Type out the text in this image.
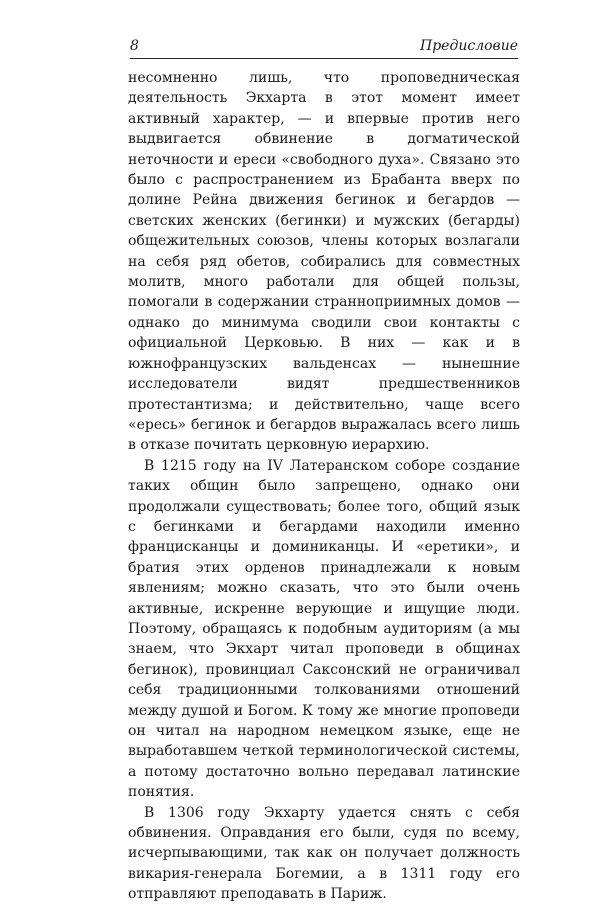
8	Предисловие

несомненно лишь, что проповедническая деятельность Экхарта в этот момент имеет активный характер, — и впервые против него выдвигается обвинение в догматической неточности и ереси «свободного духа». Связано это было с распространением из Брабанта вверх по долине Рейна движения бегинок и бегардов — светских женских (бегинки) и мужских (бегарды) общежительных союзов, члены которых возлагали на себя ряд обетов, собирались для совместных молитв, много работали для общей пользы, помогали в содержании странноприимных домов — однако до минимума сводили свои контакты с официальной Церковью. В них — как и в южнофранцузских вальденсах — нынешние исследователи видят предшественников протестантизма; и действительно, чаще всего «ересь» бегинок и бегардов выражалась всего лишь в отказе почитать церковную иерархию.

В 1215 году на IV Латеранском соборе создание таких общин было запрещено, однако они продолжали существовать; более того, общий язык с бегинками и бегардами находили именно францисканцы и доминиканцы. И «еретики», и братия этих орденов принадлежали к новым явлениям; можно сказать, что это были очень активные, искренне верующие и ищущие люди. Поэтому, обращаясь к подобным аудиториям (а мы знаем, что Экхарт читал проповеди в общинах бегинок), провинциал Саксонский не ограничивал себя традиционными толкованиями отношений между душой и Богом. К тому же многие проповеди он читал на народном немецком языке, еще не выработавшем четкой терминологической системы, а потому достаточно вольно передавал латинские понятия.

В 1306 году Экхарту удается снять с себя обвинения. Оправдания его были, судя по всему, исчерпывающими, так как он получает должность викария-генерала Богемии, а в 1311 году его отправляют преподавать в Париж.
